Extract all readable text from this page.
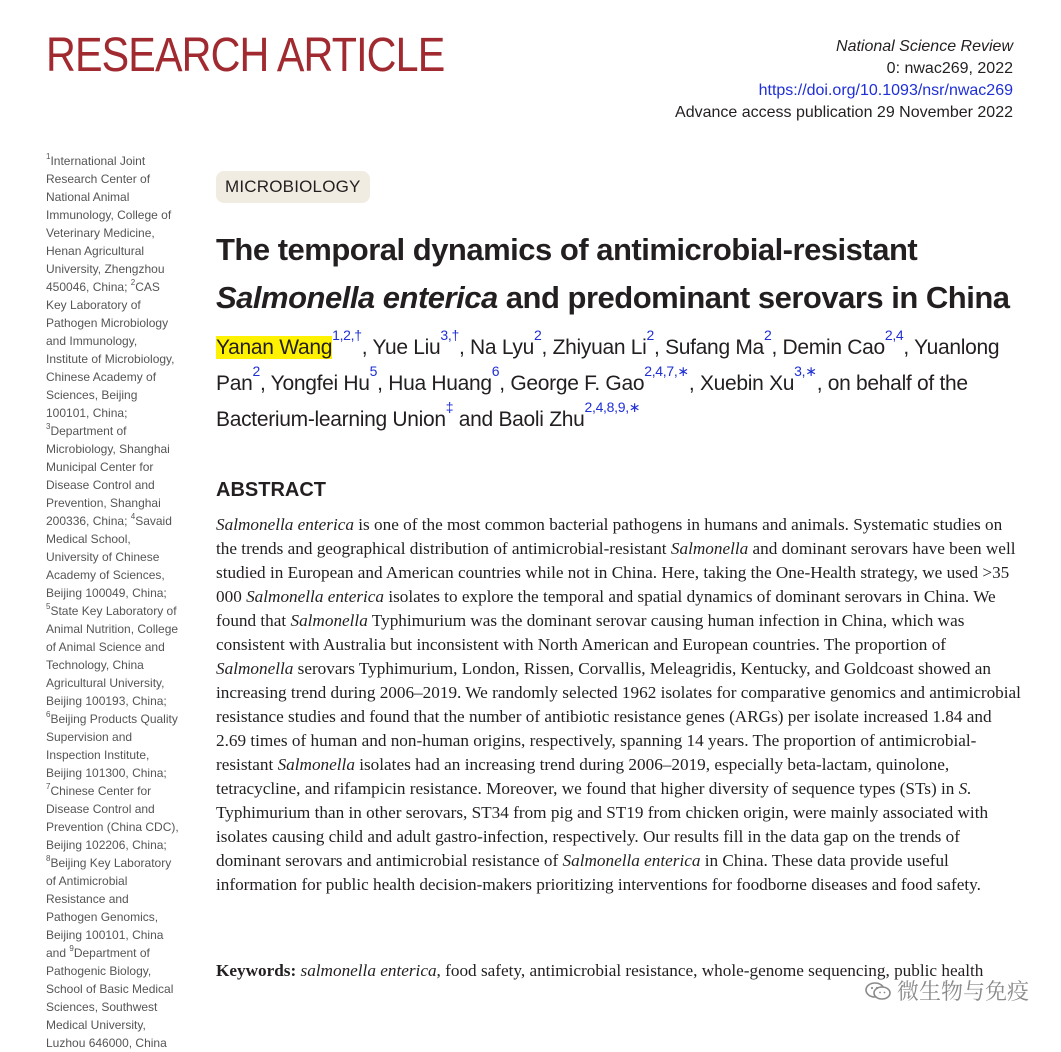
RESEARCH ARTICLE	National Science Review
0: nwac269, 2022
https://doi.org/10.1093/nsr/nwac269
Advance access publication 29 November 2022

$^1$International Joint Research Center of National Animal Immunology, College of Veterinary Medicine, Henan Agricultural University, Zhengzhou 450046, China; $^2$CAS Key Laboratory of Pathogen Microbiology and Immunology, Institute of Microbiology, Chinese Academy of Sciences, Beijing 100101, China; $^3$Department of Microbiology, Shanghai Municipal Center for Disease Control and Prevention, Shanghai 200336, China; $^4$Savaid Medical School, University of Chinese Academy of Sciences, Beijing 100049, China; $^5$State Key Laboratory of Animal Nutrition, College of Animal Science and Technology, China Agricultural University, Beijing 100193, China; $^6$Beijing Products Quality Supervision and Inspection Institute, Beijing 101300, China; $^7$Chinese Center for Disease Control and Prevention (China CDC), Beijing 102206, China; $^8$Beijing Key Laboratory of Antimicrobial Resistance and Pathogen Genomics, Beijing 100101, China and $^9$Department of Pathogenic Biology, School of Basic Medical Sciences, Southwest Medical University, Luzhou 646000, China

MICROBIOLOGY
The temporal dynamics of antimicrobial-resistant
Salmonella enterica and predominant serovars in China
Yanan Wang$^{1,2,\dagger}$, Yue Liu$^{3,\dagger}$, Na Lyu$^2$, Zhiyuan Li$^2$, Sufang Ma$^2$, Demin Cao$^{2,4}$, Yuanlong Pan$^2$, Yongfei Hu$^5$, Hua Huang$^6$, George F. Gao$^{2,4,7,∗}$, Xuebin $Xu^{3,∗}$, on behalf of the Bacterium-learning Union‡ and Baoli Zhu$^{2,4,8,9,∗}$
ABSTRACT
Salmonella enterica is one of the most common bacterial pathogens in humans and animals. Systematic studies on the trends and geographical distribution of antimicrobial-resistant Salmonella and dominant serovars have been well studied in European and American countries while not in China. Here, taking the One-Health strategy, we used >35 000 Salmonella enterica isolates to explore the temporal and spatial dynamics of dominant serovars in China. We found that Salmonella Typhimurium was the dominant serovar causing human infection in China, which was consistent with Australia but inconsistent with North American and European countries. The proportion of Salmonella serovars Typhimurium, London, Rissen, Corvallis, Meleagridis, Kentucky, and Goldcoast showed an increasing trend during 2006–2019. We randomly selected 1962 isolates for comparative genomics and antimicrobial resistance studies and found that the number of antibiotic resistance genes (ARGs) per isolate increased 1.84 and 2.69 times of human and non-human origins, respectively, spanning 14 years. The proportion of antimicrobial-resistant Salmonella isolates had an increasing trend during 2006–2019, especially beta-lactam, quinolone, tetracycline, and rifampicin resistance. Moreover, we found that higher diversity of sequence types (STs) in S. Typhimurium than in other serovars, ST34 from pig and ST19 from chicken origin, were mainly associated with isolates causing child and adult gastro-infection, respectively. Our results fill in the data gap on the trends of dominant serovars and antimicrobial resistance of Salmonella enterica in China. These data provide useful information for public health decision-makers prioritizing interventions for foodborne diseases and food safety.
Keywords: salmonella enterica, food safety, antimicrobial resistance, whole-genome sequencing, public health
微生物与免疫
